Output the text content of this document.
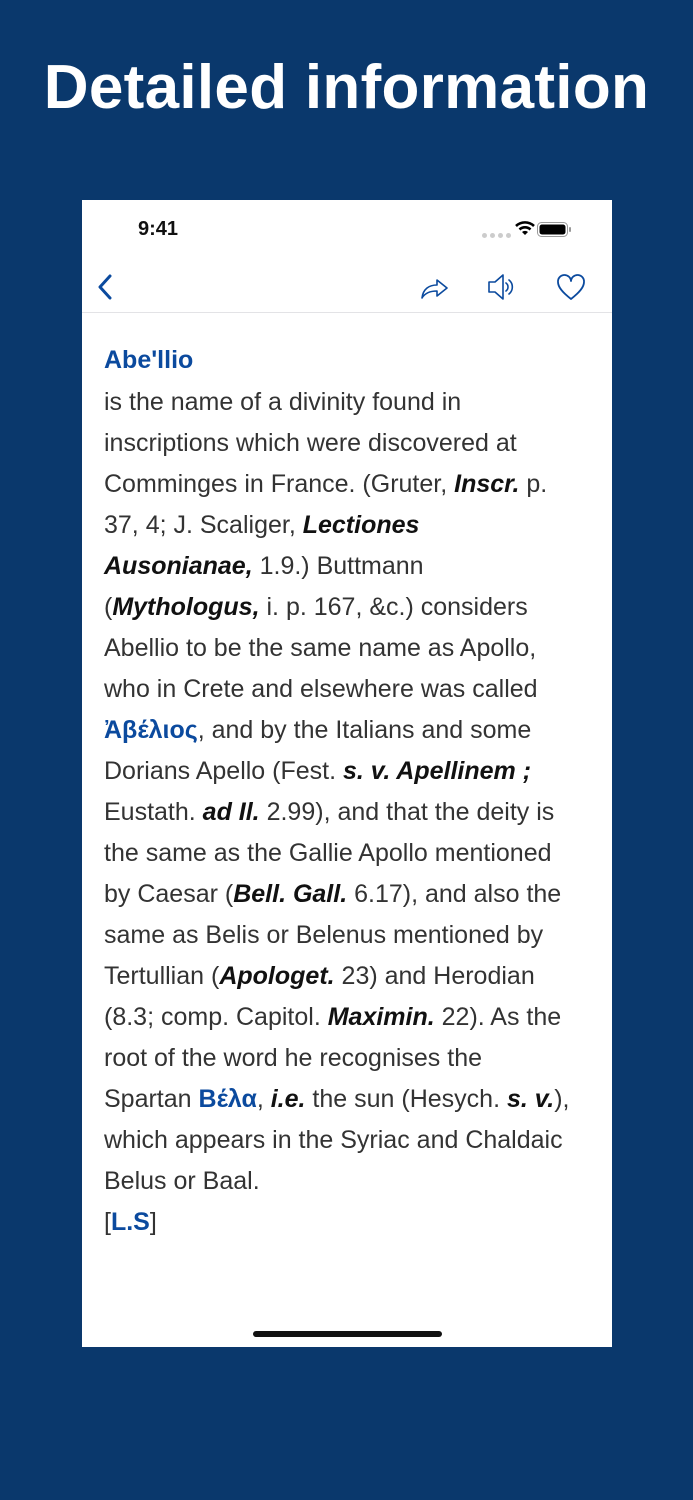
Detailed information
9:41
Abe'llio
is the name of a divinity found in
inscriptions which were discovered at
Comminges in France. (Gruter, Inscr. p.
37, 4; J. Scaliger, Lectiones
Ausonianae, 1.9.) Buttmann
(Mythologus, i. p. 167, &c.) considers
Abellio to be the same name as Apollo,
who in Crete and elsewhere was called
Ἀβέλιος, and by the Italians and some
Dorians Apello (Fest. s. v. Apellinem ;
Eustath. ad Il. 2.99), and that the deity is
the same as the Gallie Apollo mentioned
by Caesar (Bell. Gall. 6.17), and also the
same as Belis or Belenus mentioned by
Tertullian (Apologet. 23) and Herodian
(8.3; comp. Capitol. Maximin. 22). As the
root of the word he recognises the
Spartan Βέλα, i.e. the sun (Hesych. s. v.),
which appears in the Syriac and Chaldaic
Belus or Baal.
[L.S]
